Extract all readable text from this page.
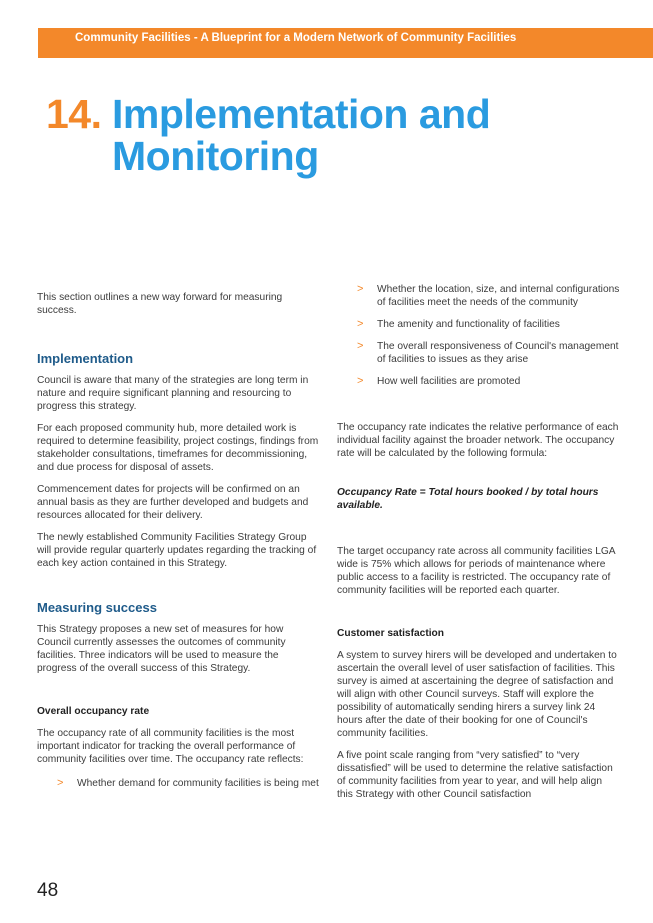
Community Facilities - A Blueprint for a Modern Network of Community Facilities
14. Implementation and Monitoring

This section outlines a new way forward for measuring success.

Implementation

Council is aware that many of the strategies are long term in nature and require significant planning and resourcing to progress this strategy.

For each proposed community hub, more detailed work is required to determine feasibility, project costings, findings from stakeholder consultations, timeframes for decommissioning, and due process for disposal of assets.

Commencement dates for projects will be confirmed on an annual basis as they are further developed and budgets and resources allocated for their delivery.

The newly established Community Facilities Strategy Group will provide regular quarterly updates regarding the tracking of each key action contained in this Strategy.

Measuring success

This Strategy proposes a new set of measures for how Council currently assesses the outcomes of community facilities. Three indicators will be used to measure the progress of the overall success of this Strategy.

Overall occupancy rate

The occupancy rate of all community facilities is the most important indicator for tracking the overall performance of community facilities over time. The occupancy rate reflects:

> Whether demand for community facilities is being met
> Whether the location, size, and internal configurations of facilities meet the needs of the community
> The amenity and functionality of facilities
> The overall responsiveness of Council's management of facilities to issues as they arise
> How well facilities are promoted

The occupancy rate indicates the relative performance of each individual facility against the broader network. The occupancy rate will be calculated by the following formula:

Occupancy Rate = Total hours booked / by total hours available.

The target occupancy rate across all community facilities LGA wide is 75% which allows for periods of maintenance where public access to a facility is restricted. The occupancy rate of community facilities will be reported each quarter.

Customer satisfaction

A system to survey hirers will be developed and undertaken to ascertain the overall level of user satisfaction of facilities. This survey is aimed at ascertaining the degree of satisfaction and will align with other Council surveys. Staff will explore the possibility of automatically sending hirers a survey link 24 hours after the date of their booking for one of Council's community facilities.

A five point scale ranging from “very satisfied” to “very dissatisfied” will be used to determine the relative satisfaction of community facilities from year to year, and will help align this Strategy with other Council satisfaction

48
